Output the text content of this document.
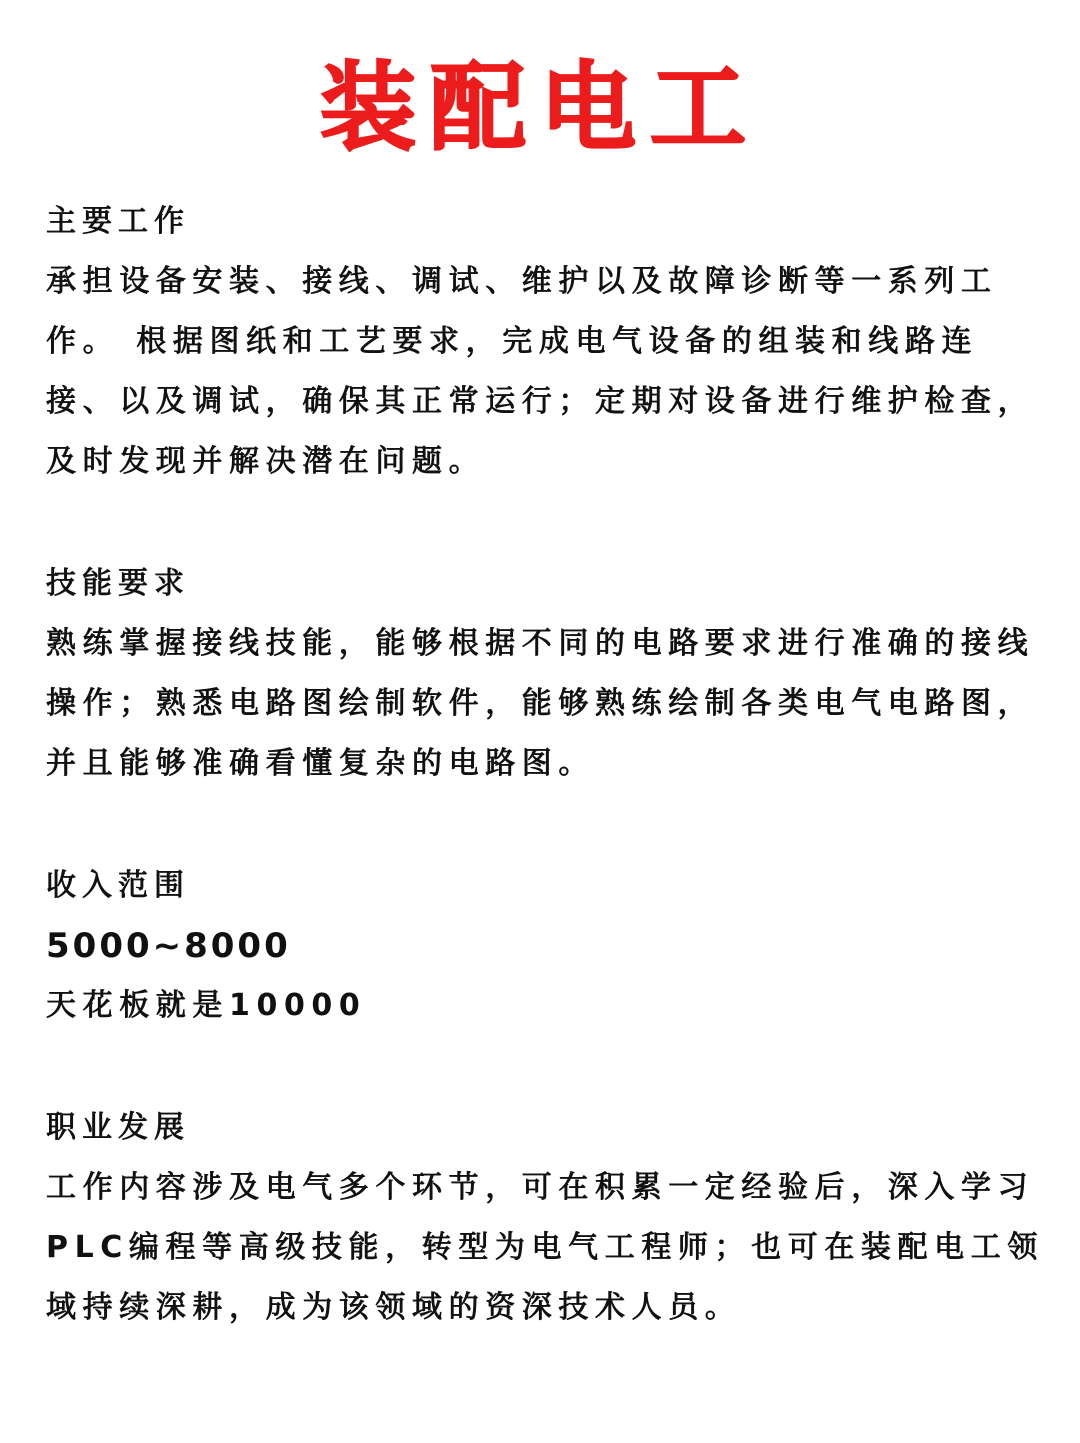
装配电工

主要工作

承担设备安装、接线、调试、维护以及故障诊断等一系列工作。 根据图纸和工艺要求，完成电气设备的组装和线路连接、以及调试，确保其正常运行；定期对设备进行维护检查，及时发现并解决潜在问题。

技能要求

熟练掌握接线技能，能够根据不同的电路要求进行准确的接线操作；熟悉电路图绘制软件，能够熟练绘制各类电气电路图，并且能够准确看懂复杂的电路图。

收入范围

5000~8000

天花板就是10000

职业发展

工作内容涉及电气多个环节，可在积累一定经验后，深入学习PLC编程等高级技能，转型为电气工程师；也可在装配电工领域持续深耕，成为该领域的资深技术人员。
